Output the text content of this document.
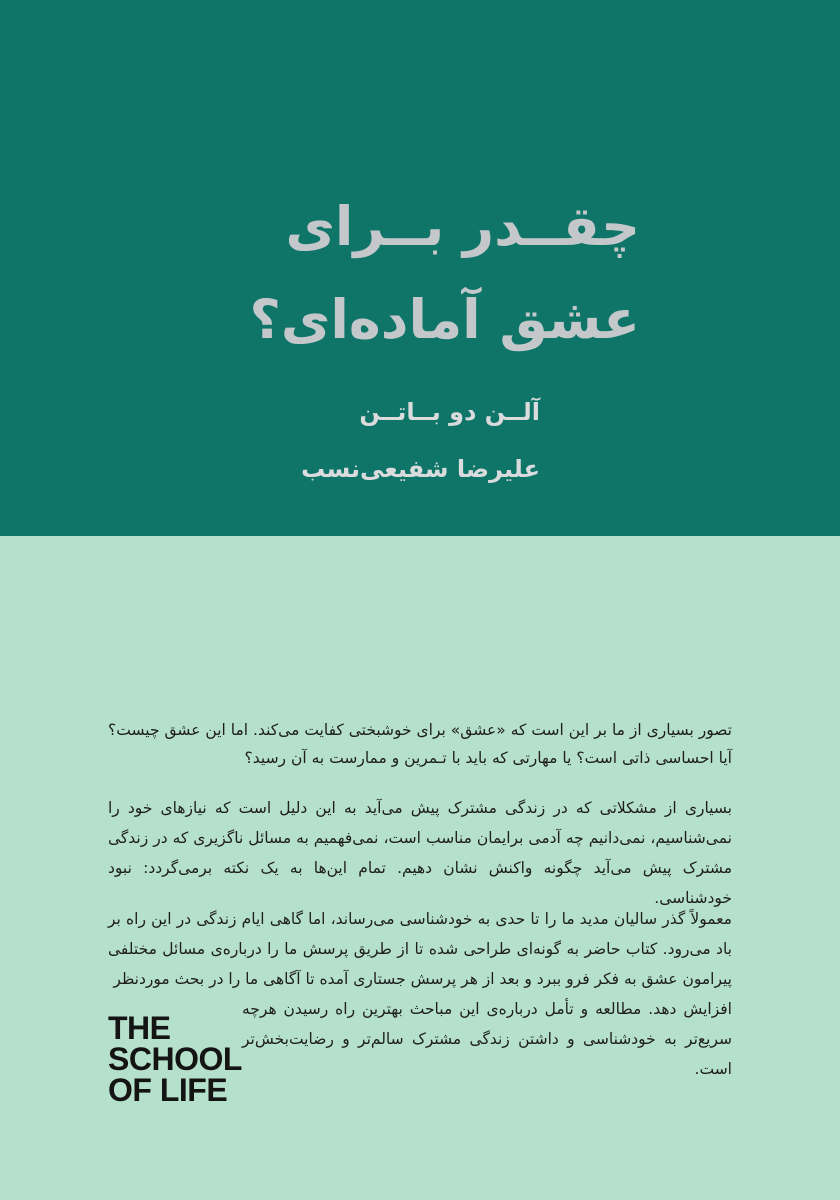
چقــدر بــرای
عشق آماده‌ای؟
آلــن دو بــاتــن
علیرضا شفیعی‌نسب

تصور بسیاری از ما بر این است که «عشق» برای خوشبختی کفایت می‌کند. اما این عشق چیست؟ آیا احساسی ذاتی است؟ یا مهارتی که باید با تـمرین و ممارست به آن رسید؟

بسیاری از مشکلاتی که در زندگی مشترک پیش می‌آید به این دلیل است که نیازهای خود را نمی‌شناسیم، نمی‌دانیم چه آدمی برایمان مناسب است، نمی‌فهمیم به مسائل ناگزیری که در زندگی مشترک پیش می‌آید چگونه واکنش نشان دهیم. تمام این‌ها به یک نکته برمی‌گردد: نبود خودشناسی.

معمولاً گذر سالیان مدید ما را تا حدی به خودشناسی می‌رساند، اما گاهی ایام زندگی در این راه بر باد می‌رود. کتاب حاضر به گونه‌ای طراحی شده تا از طریق پرسش ما را درباره‌ی مسائل مختلفی پیرامون عشق به فکر فرو ببرد و بعد از هر پرسش جستاری آمده تا آگاهی ما را در بحث موردنظر
افزایش دهد. مطالعه و تأمل درباره‌ی این مباحث بهترین راه رسیدن هرچه سریع‌تر به خودشناسی و داشتن زندگی مشترک سالم‌تر و رضایت‌بخش‌تر است.
THE
SCHOOL
OF LIFE
